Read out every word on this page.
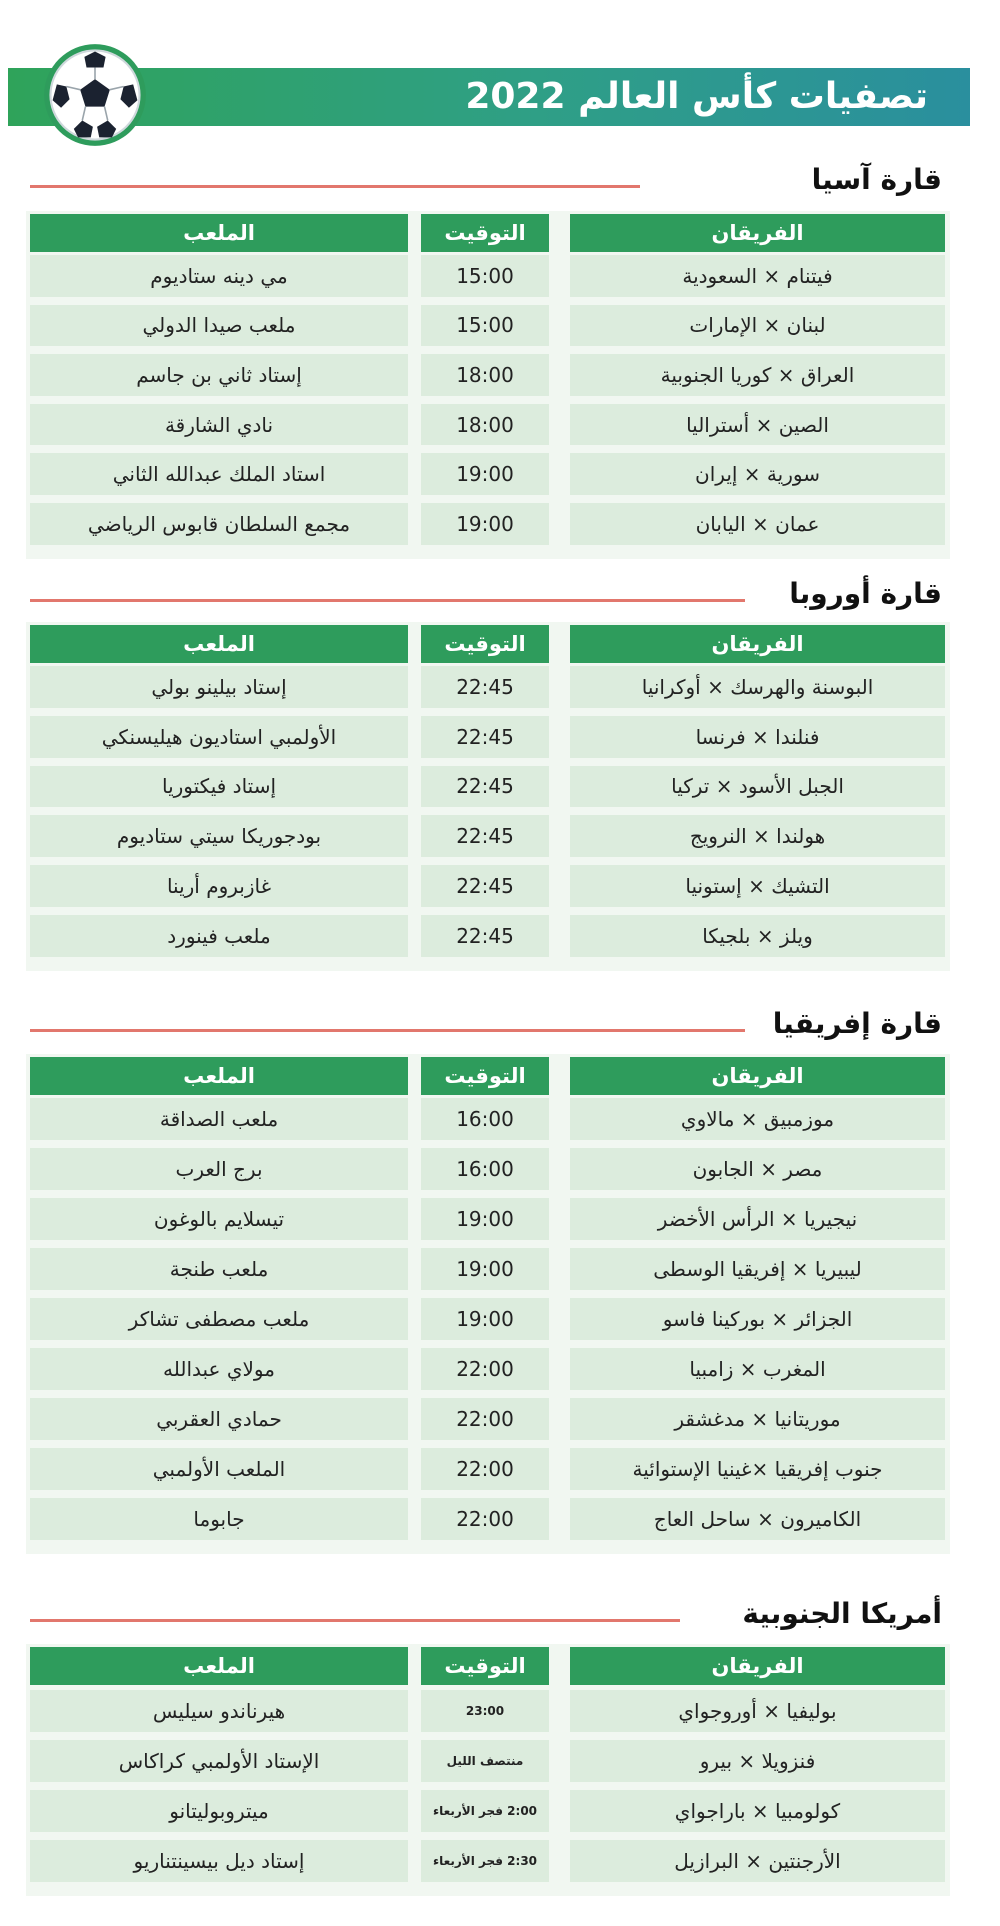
تصفيات كأس العالم 2022
قارة آسيا
الفريقان
التوقيت
الملعب
فيتنام × السعودية
15:00
مي دينه ستاديوم
لبنان × الإمارات
15:00
ملعب صيدا الدولي
العراق × كوريا الجنوبية
18:00
إستاد ثاني بن جاسم
الصين × أستراليا
18:00
نادي الشارقة
سورية × إيران
19:00
استاد الملك عبدالله الثاني
عمان × اليابان
19:00
مجمع السلطان قابوس الرياضي
قارة أوروبا
الفريقان
التوقيت
الملعب
البوسنة والهرسك × أوكرانيا
22:45
إستاد بيلينو بولي
فنلندا × فرنسا
22:45
الأولمبي استاديون هيليسنكي
الجبل الأسود × تركيا
22:45
إستاد فيكتوريا
هولندا × النرويج
22:45
بودجوريكا سيتي ستاديوم
التشيك × إستونيا
22:45
غازبروم أرينا
ويلز × بلجيكا
22:45
ملعب فينورد
قارة إفريقيا
الفريقان
التوقيت
الملعب
موزمبيق × مالاوي
16:00
ملعب الصداقة
مصر × الجابون
16:00
برج العرب
نيجيريا × الرأس الأخضر
19:00
تيسلايم بالوغون
ليبيريا × إفريقيا الوسطى
19:00
ملعب طنجة
الجزائر × بوركينا فاسو
19:00
ملعب مصطفى تشاكر
المغرب × زامبيا
22:00
مولاي عبدالله
موريتانيا × مدغشقر
22:00
حمادي العقربي
جنوب إفريقيا ×غينيا الإستوائية
22:00
الملعب الأولمبي
الكاميرون × ساحل العاج
22:00
جابوما
أمريكا الجنوبية
الفريقان
التوقيت
الملعب
بوليفيا × أوروجواي
23:00
هيرناندو سيليس
فنزويلا × بيرو
منتصف الليل
الإستاد الأولمبي كراكاس
كولومبيا × باراجواي
2:00 فجر الأربعاء
ميتروبوليتانو
الأرجنتين × البرازيل
2:30 فجر الأربعاء
إستاد ديل بيسينتناريو
